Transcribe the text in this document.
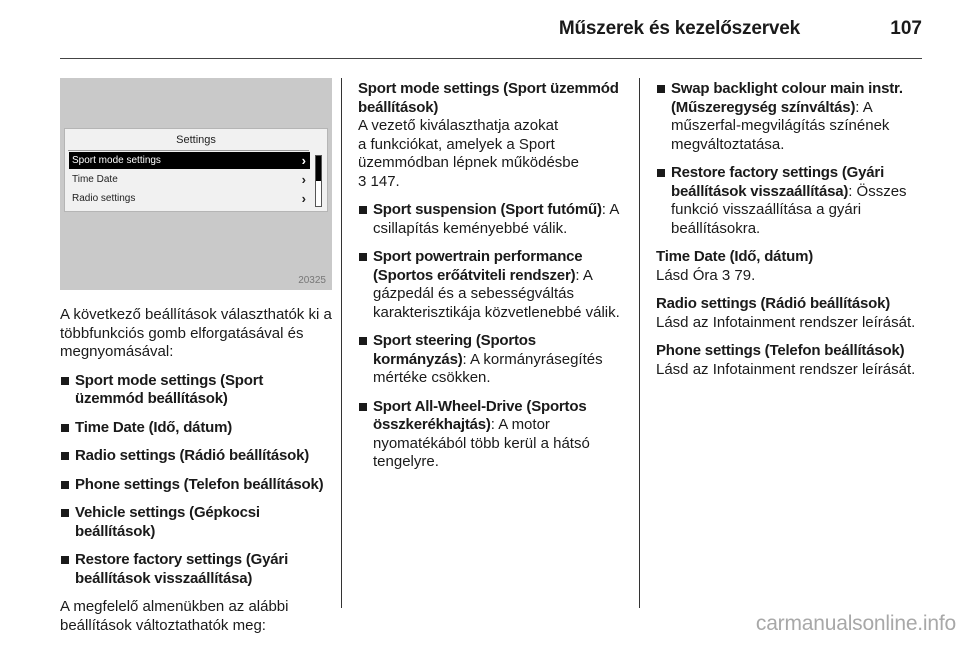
Műszerek és kezelőszervek	107
Settings
Sport mode settings	›
Time Date	›
Radio settings	›
20325

A következő beállítások választhatók ki a többfunkciós gomb elforgatásával és megnyomásával:

Sport mode settings (Sport üzemmód beállítások)
Time Date (Idő, dátum)
Radio settings (Rádió beállítások)
Phone settings (Telefon beállítások)
Vehicle settings (Gépkocsi beállítások)
Restore factory settings (Gyári beállítások visszaállítása)

A megfelelő almenükben az alábbi beállítások változtathatók meg:

Sport mode settings (Sport üzemmód beállítások)

A vezető kiválaszthatja azokat
a funkciókat, amelyek a Sport
üzemmódban lépnek működésbe
3 147.

Sport suspension (Sport futómű): A csillapítás keményebbé válik.
Sport powertrain performance (Sportos erőátviteli rendszer): A gázpedál és a sebességváltás karakterisztikája közvetlenebbé válik.
Sport steering (Sportos kormányzás): A kormányrásegítés mértéke csökken.
Sport All-Wheel-Drive (Sportos összkerékhajtás): A motor nyomatékából több kerül a hátsó tengelyre.
Swap backlight colour main instr. (Műszeregység színváltás): A műszerfal-megvilágítás színének megváltoztatása.
Restore factory settings (Gyári beállítások visszaállítása): Összes funkció visszaállítása a gyári beállításokra.
Time Date (Idő, dátum)

Lásd Óra 3 79.

Radio settings (Rádió beállítások)

Lásd az Infotainment rendszer leírását.

Phone settings (Telefon beállítások)

Lásd az Infotainment rendszer leírását.

carmanualsonline.info
